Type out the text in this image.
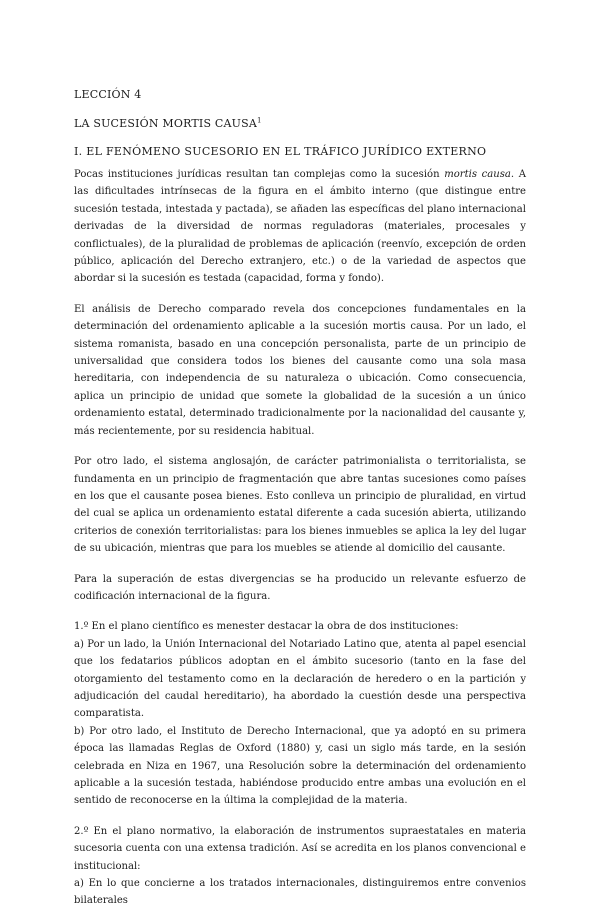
LECCIÓN 4
LA SUCESIÓN MORTIS CAUSA$^1$
I. EL FENÓMENO SUCESORIO EN EL TRÁFICO JURÍDICO EXTERNO

Pocas instituciones jurídicas resultan tan complejas como la sucesión mortis causa. A las dificultades intrínsecas de la figura en el ámbito interno (que distingue entre sucesión testada, intestada y pactada), se añaden las específicas del plano internacional derivadas de la diversidad de normas reguladoras (materiales, procesales y conflictuales), de la pluralidad de problemas de aplicación (reenvío, excepción de orden público, aplicación del Derecho extranjero, etc.) o de la variedad de aspectos que abordar si la sucesión es testada (capacidad, forma y fondo).

El análisis de Derecho comparado revela dos concepciones fundamentales en la determinación del ordenamiento aplicable a la sucesión mortis causa. Por un lado, el sistema romanista, basado en una concepción personalista, parte de un principio de universalidad que considera todos los bienes del causante como una sola masa hereditaria, con independencia de su naturaleza o ubicación. Como consecuencia, aplica un principio de unidad que somete la globalidad de la sucesión a un único ordenamiento estatal, determinado tradicionalmente por la nacionalidad del causante y, más recientemente, por su residencia habitual.

Por otro lado, el sistema anglosajón, de carácter patrimonialista o territorialista, se fundamenta en un principio de fragmentación que abre tantas sucesiones como países en los que el causante posea bienes. Esto conlleva un principio de pluralidad, en virtud del cual se aplica un ordenamiento estatal diferente a cada sucesión abierta, utilizando criterios de conexión territorialistas: para los bienes inmuebles se aplica la ley del lugar de su ubicación, mientras que para los muebles se atiende al domicilio del causante.

Para la superación de estas divergencias se ha producido un relevante esfuerzo de codificación internacional de la figura.

1.º En el plano científico es menester destacar la obra de dos instituciones:

a) Por un lado, la Unión Internacional del Notariado Latino que, atenta al papel esencial que los fedatarios públicos adoptan en el ámbito sucesorio (tanto en la fase del otorgamiento del testamento como en la declaración de heredero o en la partición y adjudicación del caudal hereditario), ha abordado la cuestión desde una perspectiva comparatista.

b) Por otro lado, el Instituto de Derecho Internacional, que ya adoptó en su primera época las llamadas Reglas de Oxford (1880) y, casi un siglo más tarde, en la sesión celebrada en Niza en 1967, una Resolución sobre la determinación del ordenamiento aplicable a la sucesión testada, habiéndose producido entre ambas una evolución en el sentido de reconocerse en la última la complejidad de la materia.

2.º En el plano normativo, la elaboración de instrumentos supraestatales en materia sucesoria cuenta con una extensa tradición. Así se acredita en los planos convencional e institucional:

a) En lo que concierne a los tratados internacionales, distinguiremos entre convenios bilaterales
